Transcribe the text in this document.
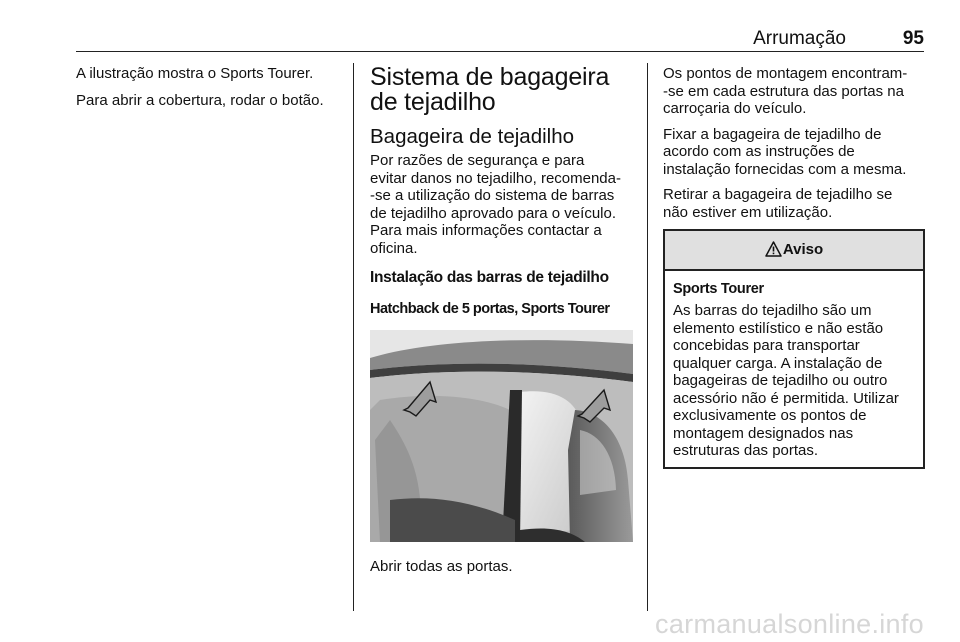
Arrumação	95

A ilustração mostra o Sports Tourer.

Para abrir a cobertura, rodar o botão.

Sistema de bagageira
de tejadilho
Bagageira de tejadilho

Por razões de segurança e para
evitar danos no tejadilho, recomenda-
-se a utilização do sistema de barras
de tejadilho aprovado para o veículo.
Para mais informações contactar a
oficina.

Instalação das barras de tejadilho
Hatchback de 5 portas, Sports Tourer

Abrir todas as portas.

Os pontos de montagem encontram-
-se em cada estrutura das portas na
carroçaria do veículo.

Fixar a bagageira de tejadilho de
acordo com as instruções de
instalação fornecidas com a mesma.

Retirar a bagageira de tejadilho se
não estiver em utilização.

Aviso
Sports Tourer

As barras do tejadilho são um
elemento estilístico e não estão
concebidas para transportar
qualquer carga. A instalação de
bagageiras de tejadilho ou outro
acessório não é permitida. Utilizar
exclusivamente os pontos de
montagem designados nas
estruturas das portas.

carmanualsonline.info
